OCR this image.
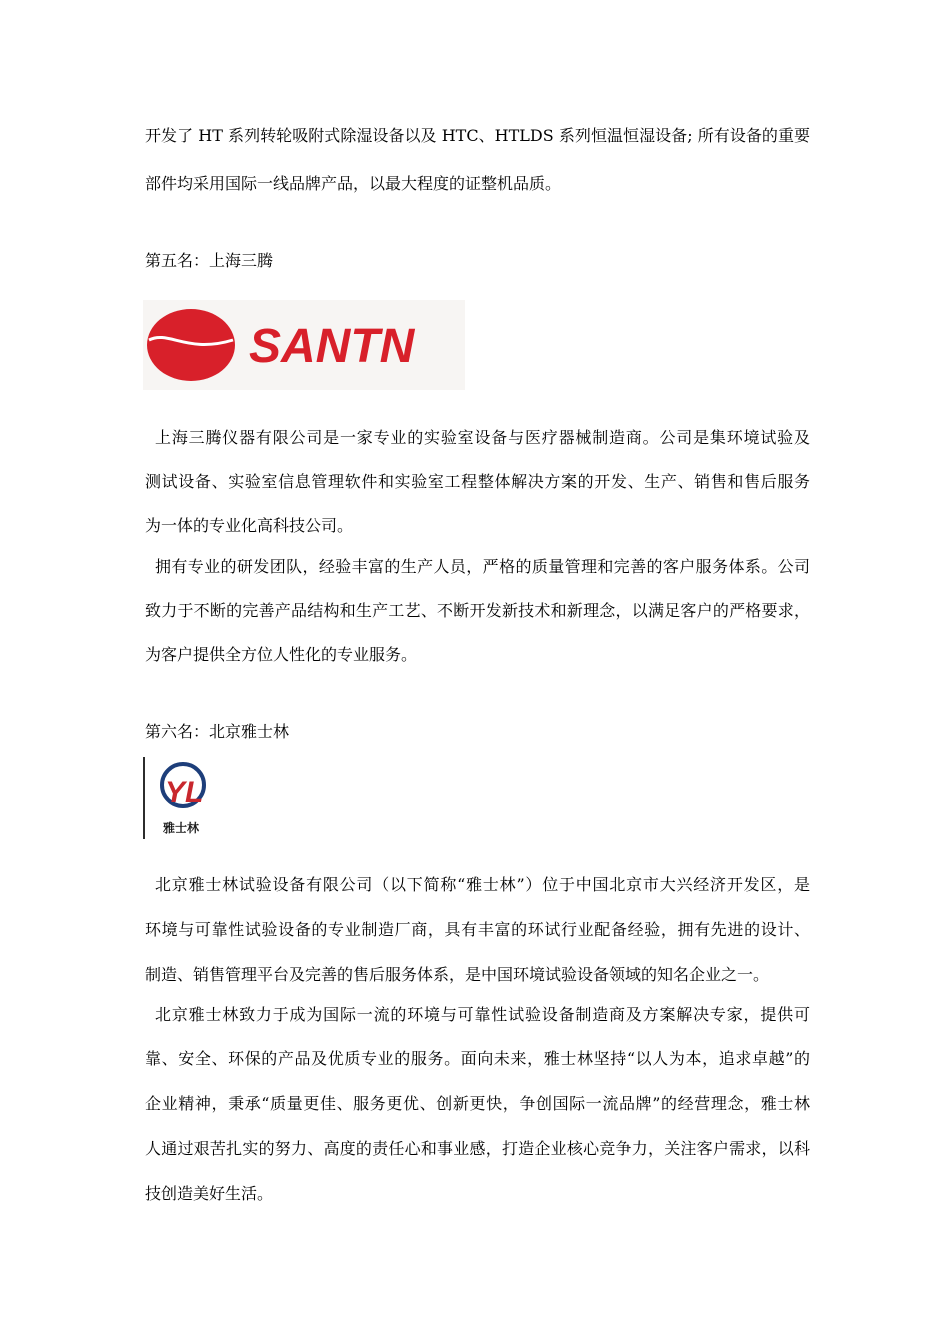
开发了 HT 系列转轮吸附式除湿设备以及 HTC、HTLDS 系列恒温恒湿设备; 所有设备的重要
部件均采用国际一线品牌产品，以最大程度的证整机品质。
第五名：上海三腾
SANTN
上海三腾仪器有限公司是一家专业的实验室设备与医疗器械制造商。公司是集环境试验及
测试设备、实验室信息管理软件和实验室工程整体解决方案的开发、生产、销售和售后服务
为一体的专业化高科技公司。
拥有专业的研发团队，经验丰富的生产人员，严格的质量管理和完善的客户服务体系。公司
致力于不断的完善产品结构和生产工艺、不断开发新技术和新理念，以满足客户的严格要求，
为客户提供全方位人性化的专业服务。
第六名：北京雅士林
YL
雅士林
北京雅士林试验设备有限公司（以下简称“雅士林”）位于中国北京市大兴经济开发区，是
环境与可靠性试验设备的专业制造厂商，具有丰富的环试行业配备经验，拥有先进的设计、
制造、销售管理平台及完善的售后服务体系，是中国环境试验设备领域的知名企业之一。
北京雅士林致力于成为国际一流的环境与可靠性试验设备制造商及方案解决专家，提供可
靠、安全、环保的产品及优质专业的服务。面向未来，雅士林坚持“以人为本，追求卓越”的
企业精神，秉承“质量更佳、服务更优、创新更快，争创国际一流品牌”的经营理念，雅士林
人通过艰苦扎实的努力、高度的责任心和事业感，打造企业核心竞争力，关注客户需求，以科
技创造美好生活。
